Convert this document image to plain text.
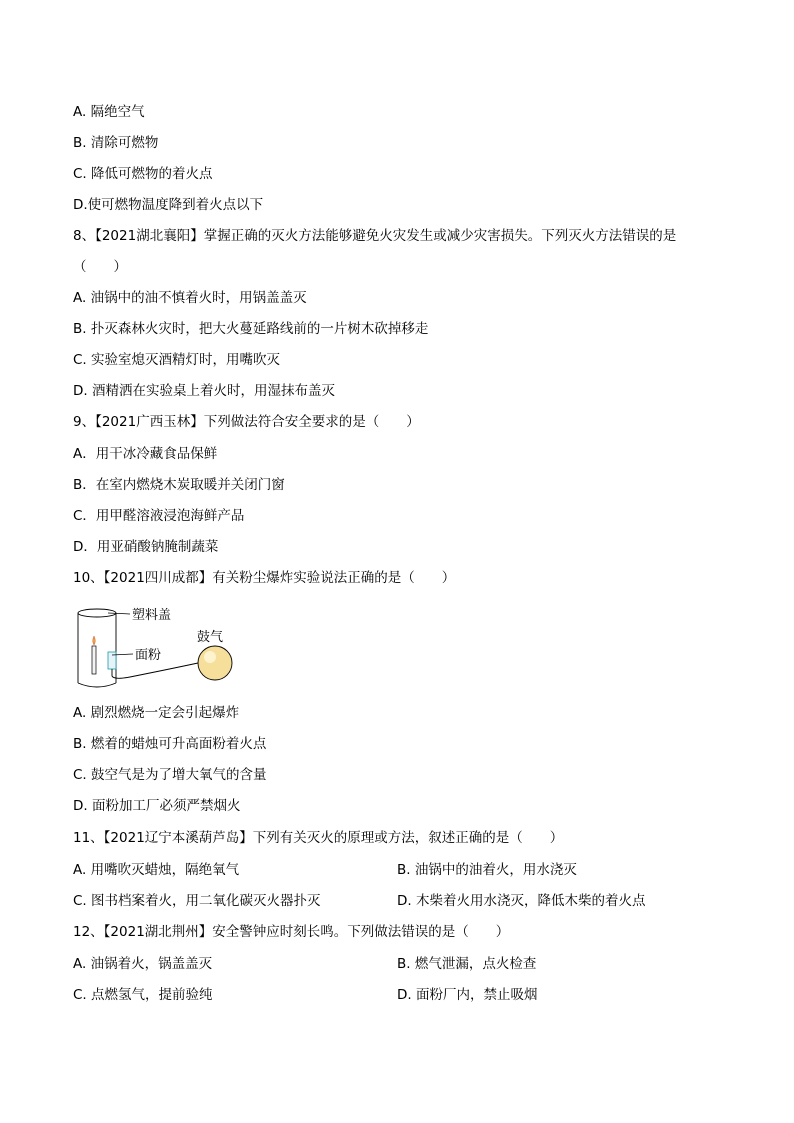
A. 隔绝空气
B. 清除可燃物
C. 降低可燃物的着火点
D.使可燃物温度降到着火点以下
8、【2021湖北襄阳】掌握正确的灭火方法能够避免火灾发生或减少灾害损失。下列灭火方法错误的是
（　　）
A. 油锅中的油不慎着火时，用锅盖盖灭
B. 扑灭森林火灾时，把大火蔓延路线前的一片树木砍掉移走
C. 实验室熄灭酒精灯时，用嘴吹灭
D. 酒精洒在实验桌上着火时，用湿抹布盖灭
9、【2021广西玉林】下列做法符合安全要求的是（　　）
A．用干冰冷藏食品保鲜
B．在室内燃烧木炭取暖并关闭门窗
C．用甲醛溶液浸泡海鲜产品
D．用亚硝酸钠腌制蔬菜
10、【2021四川成都】有关粉尘爆炸实验说法正确的是（　　）
塑料盖
鼓气
面粉
A. 剧烈燃烧一定会引起爆炸
B. 燃着的蜡烛可升高面粉着火点
C. 鼓空气是为了增大氧气的含量
D. 面粉加工厂必须严禁烟火
11、【2021辽宁本溪葫芦岛】下列有关灭火的原理或方法，叙述正确的是（　　）
A. 用嘴吹灭蜡烛，隔绝氧气	B. 油锅中的油着火，用水浇灭
C. 图书档案着火，用二氧化碳灭火器扑灭	D. 木柴着火用水浇灭，降低木柴的着火点
12、【2021湖北荆州】安全警钟应时刻长鸣。下列做法错误的是（　　）
A. 油锅着火，锅盖盖灭	B. 燃气泄漏，点火检查
C. 点燃氢气，提前验纯	D. 面粉厂内，禁止吸烟
